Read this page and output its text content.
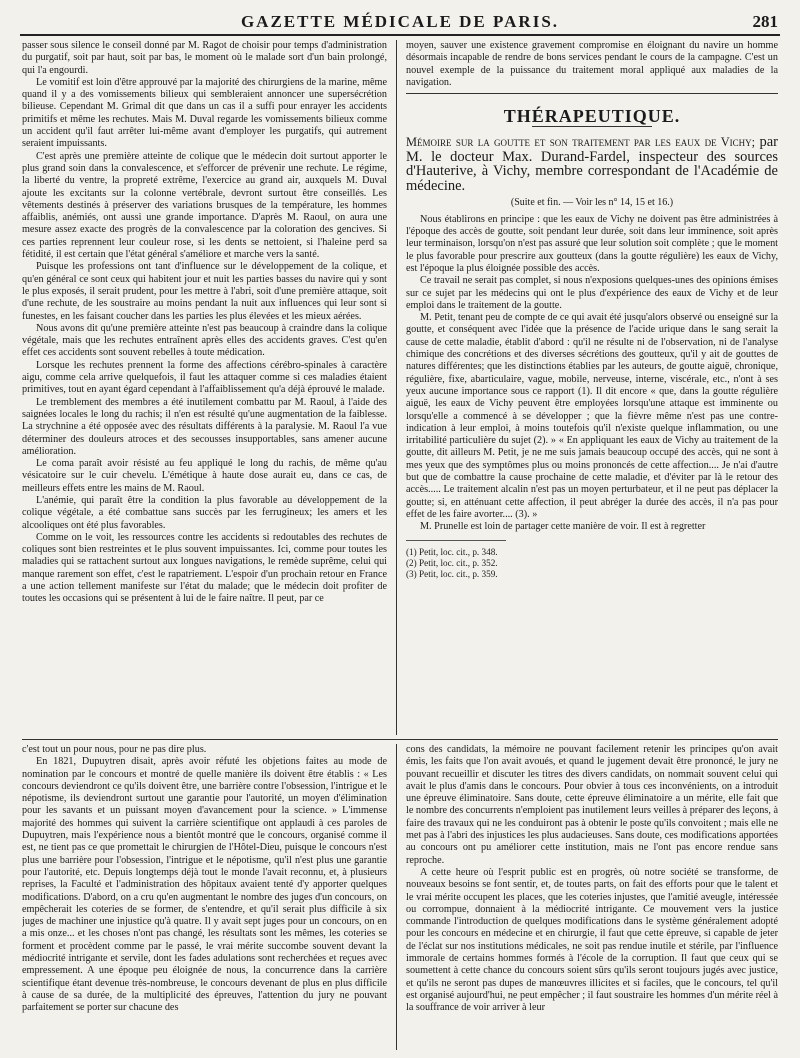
GAZETTE MÉDICALE DE PARIS.	281

passer sous silence le conseil donné par M. Ragot de choisir pour temps d'administration du purgatif, soit par haut, soit par bas, le moment où le malade sort d'un bain prolongé, qui l'a engourdi.

Le vomitif est loin d'être approuvé par la majorité des chirurgiens de la marine, même quand il y a des vomissements bilieux qui sembleraient annoncer une supersécrétion bilieuse. Cependant M. Grimal dit que dans un cas il a suffi pour enrayer les accidents primitifs et même les rechutes. Mais M. Duval regarde les vomissements bilieux comme un accident qu'il faut arrêter lui-même avant d'employer les purgatifs, qui autrement seraient impuissants.

C'est après une première atteinte de colique que le médecin doit surtout apporter le plus grand soin dans la convalescence, et s'efforcer de prévenir une rechute. Le régime, la liberté du ventre, la propreté extrême, l'exercice au grand air, auxquels M. Duval ajoute les excitants sur la colonne vertébrale, devront surtout être conseillés. Les vêtements destinés à préserver des variations brusques de la température, les hommes affaiblis, anémiés, ont aussi une grande importance. D'après M. Raoul, on aura une mesure assez exacte des progrès de la convalescence par la coloration des gencives. Si ces parties reprennent leur couleur rose, si les dents se nettoient, si l'haleine perd sa fétidité, il est certain que l'état général s'améliore et marche vers la santé.

Puisque les professions ont tant d'influence sur le développement de la colique, et qu'en général ce sont ceux qui habitent jour et nuit les parties basses du navire qui y sont le plus exposés, il serait prudent, pour les mettre à l'abri, soit d'une première attaque, soit d'une rechute, de les soustraire au moins pendant la nuit aux influences qui leur sont si funestes, en les faisant coucher dans les parties les plus élevées et les mieux aérées.

Nous avons dit qu'une première atteinte n'est pas beaucoup à craindre dans la colique végétale, mais que les rechutes entraînent après elles des accidents graves. C'est qu'en effet ces accidents sont souvent rebelles à toute médication.

Lorsque les rechutes prennent la forme des affections cérébro-spinales à caractère aigu, comme cela arrive quelquefois, il faut les attaquer comme si ces maladies étaient primitives, tout en ayant égard cependant à l'affaiblissement qu'a déjà éprouvé le malade.

Le tremblement des membres a été inutilement combattu par M. Raoul, à l'aide des saignées locales le long du rachis; il n'en est résulté qu'une augmentation de la faiblesse. La strychnine a été opposée avec des résultats différents à la paralysie. M. Raoul l'a vue déterminer des douleurs atroces et des secousses insupportables, sans amener aucune amélioration.

Le coma paraît avoir résisté au feu appliqué le long du rachis, de même qu'au vésicatoire sur le cuir chevelu. L'émétique à haute dose aurait eu, dans ce cas, de meilleurs effets entre les mains de M. Raoul.

L'anémie, qui paraît être la condition la plus favorable au développement de la colique végétale, a été combattue sans succès par les ferrugineux; les amers et les alcooliques ont été plus favorables.

Comme on le voit, les ressources contre les accidents si redoutables des rechutes de coliques sont bien restreintes et le plus souvent impuissantes. Ici, comme pour toutes les maladies qui se rattachent surtout aux longues navigations, le remède suprême, celui qui manque rarement son effet, c'est le rapatriement. L'espoir d'un prochain retour en France a une action tellement manifeste sur l'état du malade; que le médecin doit profiter de toutes les occasions qui se présentent à lui de le faire naître. Il peut, par ce

moyen, sauver une existence gravement compromise en éloignant du navire un homme désormais incapable de rendre de bons services pendant le cours de la campagne. C'est un nouvel exemple de la puissance du traitement moral appliqué aux maladies de la navigation.

THÉRAPEUTIQUE.
Mémoire sur la goutte et son traitement par les eaux de Vichy; par M. le docteur Max. Durand-Fardel, inspecteur des sources d'Hauterive, à Vichy, membre correspondant de l'Académie de médecine.
(Suite et fin. — Voir les n° 14, 15 et 16.)

Nous établirons en principe : que les eaux de Vichy ne doivent pas être administrées à l'époque des accès de goutte, soit pendant leur durée, soit dans leur imminence, soit après leur terminaison, lorsqu'on n'est pas assuré que leur solution soit complète ; que le moment le plus favorable pour prescrire aux goutteux (dans la goutte régulière) les eaux de Vichy, est l'époque la plus éloignée possible des accès.

Ce travail ne serait pas complet, si nous n'exposions quelques-unes des opinions émises sur ce sujet par les médecins qui ont le plus d'expérience des eaux de Vichy et de leur emploi dans le traitement de la goutte.

M. Petit, tenant peu de compte de ce qui avait été jusqu'alors observé ou enseigné sur la goutte, et conséquent avec l'idée que la présence de l'acide urique dans le sang serait la cause de cette maladie, établit d'abord : qu'il ne résulte ni de l'observation, ni de l'analyse chimique des concrétions et des diverses sécrétions des goutteux, qu'il y ait de gouttes de natures différentes; que les distinctions établies par les auteurs, de goutte aiguë, chronique, régulière, fixe, abarticulaire, vague, mobile, nerveuse, interne, viscérale, etc., n'ont à ses yeux aucune importance sous ce rapport (1). Il dit encore « que, dans la goutte régulière aiguë, les eaux de Vichy peuvent être employées lorsqu'une attaque est imminente ou lorsqu'elle a commencé à se développer ; que la fièvre même n'est pas une contre-indication à leur emploi, à moins toutefois qu'il n'existe quelque inflammation, ou une irritabilité particulière du sujet (2). » « En appliquant les eaux de Vichy au traitement de la goutte, dit ailleurs M. Petit, je ne me suis jamais beaucoup occupé des accès, qui ne sont à mes yeux que des symptômes plus ou moins prononcés de cette affection.... Je n'ai d'autre but que de combattre la cause prochaine de cette maladie, et d'éviter par là le retour des accès..... Le traitement alcalin n'est pas un moyen perturbateur, et il ne peut pas déplacer la goutte; si, en atténuant cette affection, il peut abréger la durée des accès, il n'a pas pour effet de les faire avorter.... (3). »

M. Prunelle est loin de partager cette manière de voir. Il est à regretter

(1) Petit, loc. cit., p. 348.

(2) Petit, loc. cit., p. 352.

(3) Petit, loc. cit., p. 359.

c'est tout un pour nous, pour ne pas dire plus.

En 1821, Dupuytren disait, après avoir réfuté les objetions faites au mode de nomination par le concours et montré de quelle manière ils doivent être établis : « Les concours deviendront ce qu'ils doivent être, une barrière contre l'obsession, l'intrigue et le népotisme, ils deviendront surtout une garantie pour l'autorité, un moyen d'élimination pour les savants et un puissant moyen d'avancement pour la science. » L'immense majorité des hommes qui suivent la carrière scientifique ont applaudi à ces paroles de Dupuytren, mais l'expérience nous a bientôt montré que le concours, organisé comme il est, ne tient pas ce que promettait le chirurgien de l'Hôtel-Dieu, puisque le concours n'est plus une barrière pour l'obsession, l'intrigue et le népotisme, qu'il n'est plus une garantie pour l'autorité, etc. Depuis longtemps déjà tout le monde l'avait reconnu, et, à plusieurs reprises, la Faculté et l'administration des hôpitaux avaient tenté d'y apporter quelques modifications. D'abord, on a cru qu'en augmentant le nombre des juges d'un concours, on empêcherait les coteries de se former, de s'entendre, et qu'il serait plus difficile à six juges de machiner une injustice qu'à quatre. Il y avait sept juges pour un concours, on en a mis onze... et les choses n'ont pas changé, les résultats sont les mêmes, les coteries se forment et procèdent comme par le passé, le vrai mérite succombe souvent devant la médiocrité intrigante et servile, dont les fades adulations sont recherchées et reçues avec empressement. A une époque peu éloignée de nous, la concurrence dans la carrière scientifique étant devenue très-nombreuse, le concours devenant de plus en plus difficile à cause de sa durée, de la multiplicité des épreuves, l'attention du jury ne pouvant parfaitement se porter sur chacune des

cons des candidats, la mémoire ne pouvant facilement retenir les principes qu'on avait émis, les faits que l'on avait avoués, et quand le jugement devait être prononcé, le jury ne pouvant recueillir et discuter les titres des divers candidats, on nommait souvent celui qui avait le plus d'amis dans le concours. Pour obvier à tous ces inconvénients, on a introduit une épreuve éliminatoire. Sans doute, cette épreuve éliminatoire a un mérite, elle fait que le nombre des concurrents n'emploient pas inutilement leurs veilles à préparer des leçons, à faire des travaux qui ne les conduiront pas à obtenir le poste qu'ils convoitent ; mais elle ne met pas à l'abri des injustices les plus audacieuses. Sans doute, ces modifications apportées au concours ont pu améliorer cette institution, mais ne l'ont pas encore rendue sans reproche.

A cette heure où l'esprit public est en progrès, où notre société se transforme, de nouveaux besoins se font sentir, et, de toutes parts, on fait des efforts pour que le talent et le vrai mérite occupent les places, que les coteries injustes, que l'amitié aveugle, intéressée ou corrompue, donnaient à la médiocrité intrigante. Ce mouvement vers la justice commande l'introduction de quelques modifications dans le système généralement adopté pour les concours en médecine et en chirurgie, il faut que cette épreuve, si capable de jeter de l'éclat sur nos institutions médicales, ne soit pas rendue inutile et stérile, par l'influence immorale de certains hommes formés à l'école de la corruption. Il faut que ceux qui se soumettent à cette chance du concours soient sûrs qu'ils seront toujours jugés avec justice, et qu'ils ne seront pas dupes de manœuvres illicites et si faciles, que le concours, tel qu'il est organisé aujourd'hui, ne peut empêcher ; il faut soustraire les hommes d'un mérite réel à la souffrance de voir arriver à leur
